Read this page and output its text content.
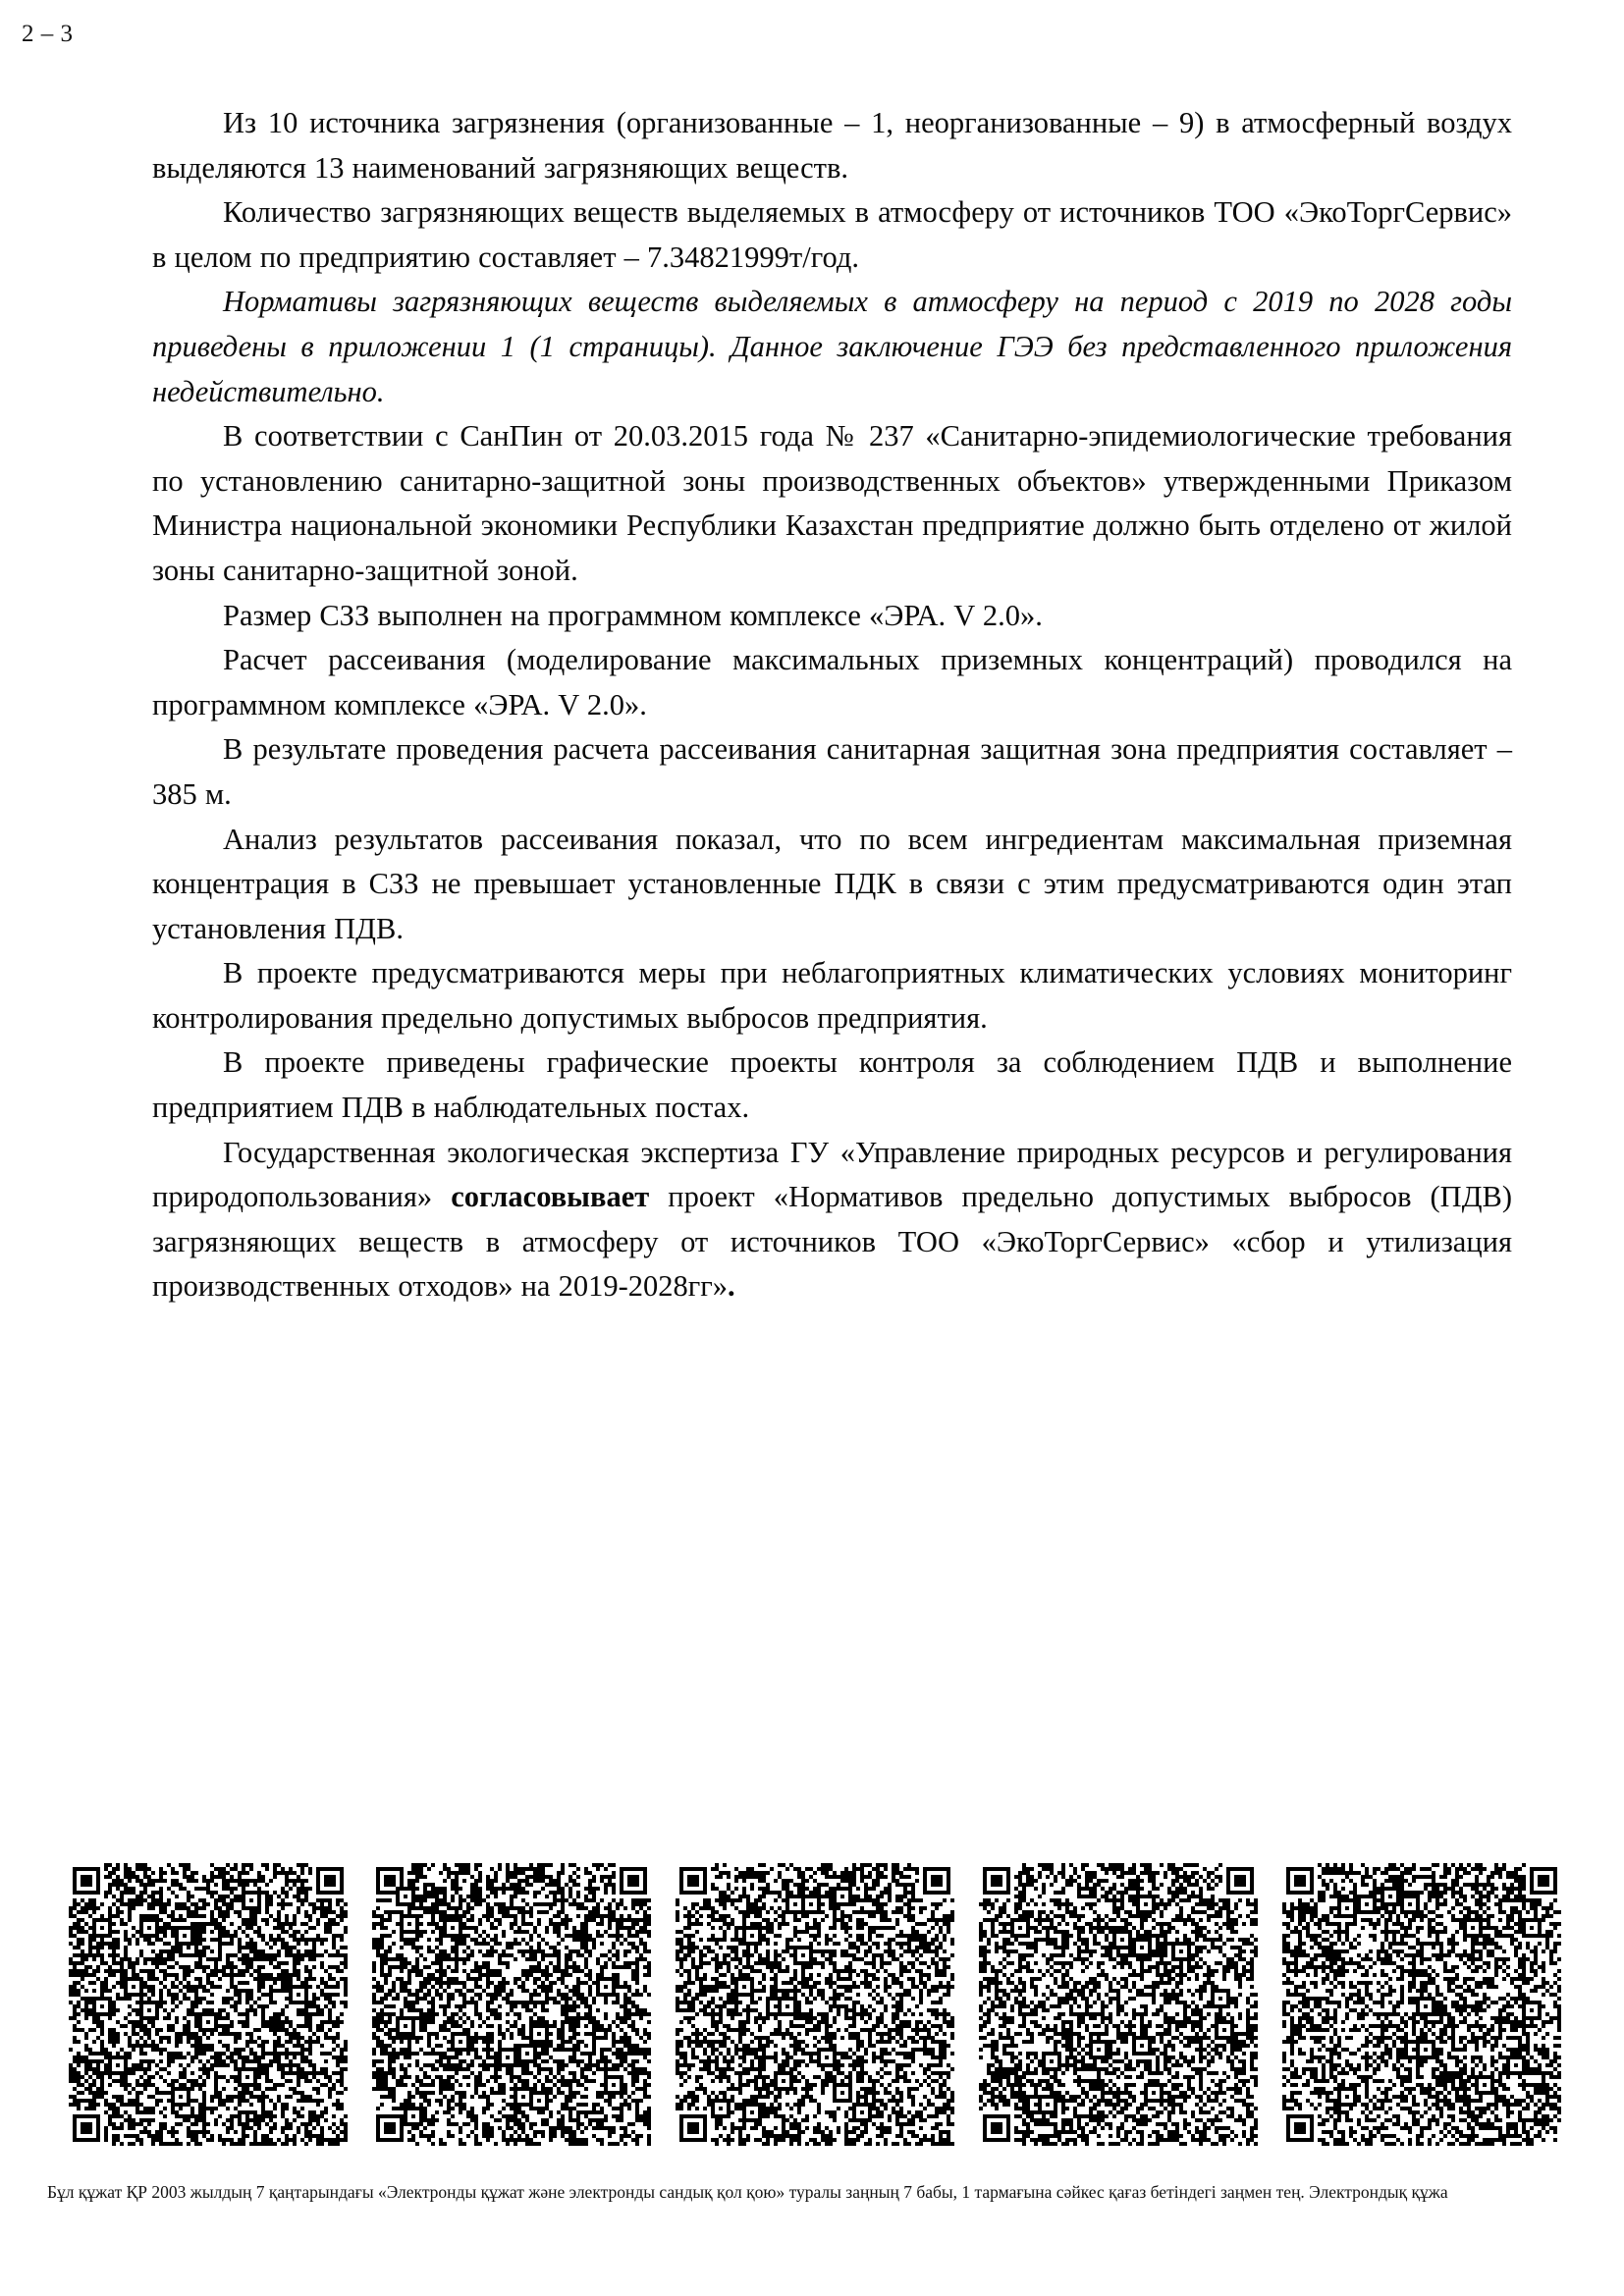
2 – 3

Из 10 источника загрязнения (организованные – 1, неорганизованные – 9) в атмосферный воздух выделяются 13 наименований загрязняющих веществ.

Количество загрязняющих веществ выделяемых в атмосферу от источников ТОО «ЭкоТоргСервис» в целом по предприятию составляет – 7.34821999т/год.

Нормативы загрязняющих веществ выделяемых в атмосферу на период с 2019 по 2028 годы приведены в приложении 1 (1 страницы). Данное заключение ГЭЭ без представленного приложения недействительно.

В соответствии с СанПин от 20.03.2015 года № 237 «Санитарно-эпидемиологические требования по установлению санитарно-защитной зоны производственных объектов» утвержденными Приказом Министра национальной экономики Республики Казахстан предприятие должно быть отделено от жилой зоны санитарно-защитной зоной.

Размер СЗЗ выполнен на программном комплексе «ЭРА. V 2.0».

Расчет рассеивания (моделирование максимальных приземных концентраций) проводился на программном комплексе «ЭРА. V 2.0».

В результате проведения расчета рассеивания санитарная защитная зона предприятия составляет – 385 м.

Анализ результатов рассеивания показал, что по всем ингредиентам максимальная приземная концентрация в СЗЗ не превышает установленные ПДК в связи с этим предусматриваются один этап установления ПДВ.

В проекте предусматриваются меры при неблагоприятных климатических условиях мониторинг контролирования предельно допустимых выбросов предприятия.

В проекте приведены графические проекты контроля за соблюдением ПДВ и выполнение предприятием ПДВ в наблюдательных постах.

Государственная экологическая экспертиза ГУ «Управление природных ресурсов и регулирования природопользования» согласовывает проект «Нормативов предельно допустимых выбросов (ПДВ) загрязняющих веществ в атмосферу от источников ТОО «ЭкоТоргСервис» «сбор и утилизация производственных отходов» на 2019-2028гг».

Бұл құжат ҚР 2003 жылдың 7 қаңтарындағы «Электронды құжат және электронды сандық қол қою» туралы заңның 7 бабы, 1 тармағына сәйкес қағаз бетіндегі заңмен тең. Электрондық құжа
